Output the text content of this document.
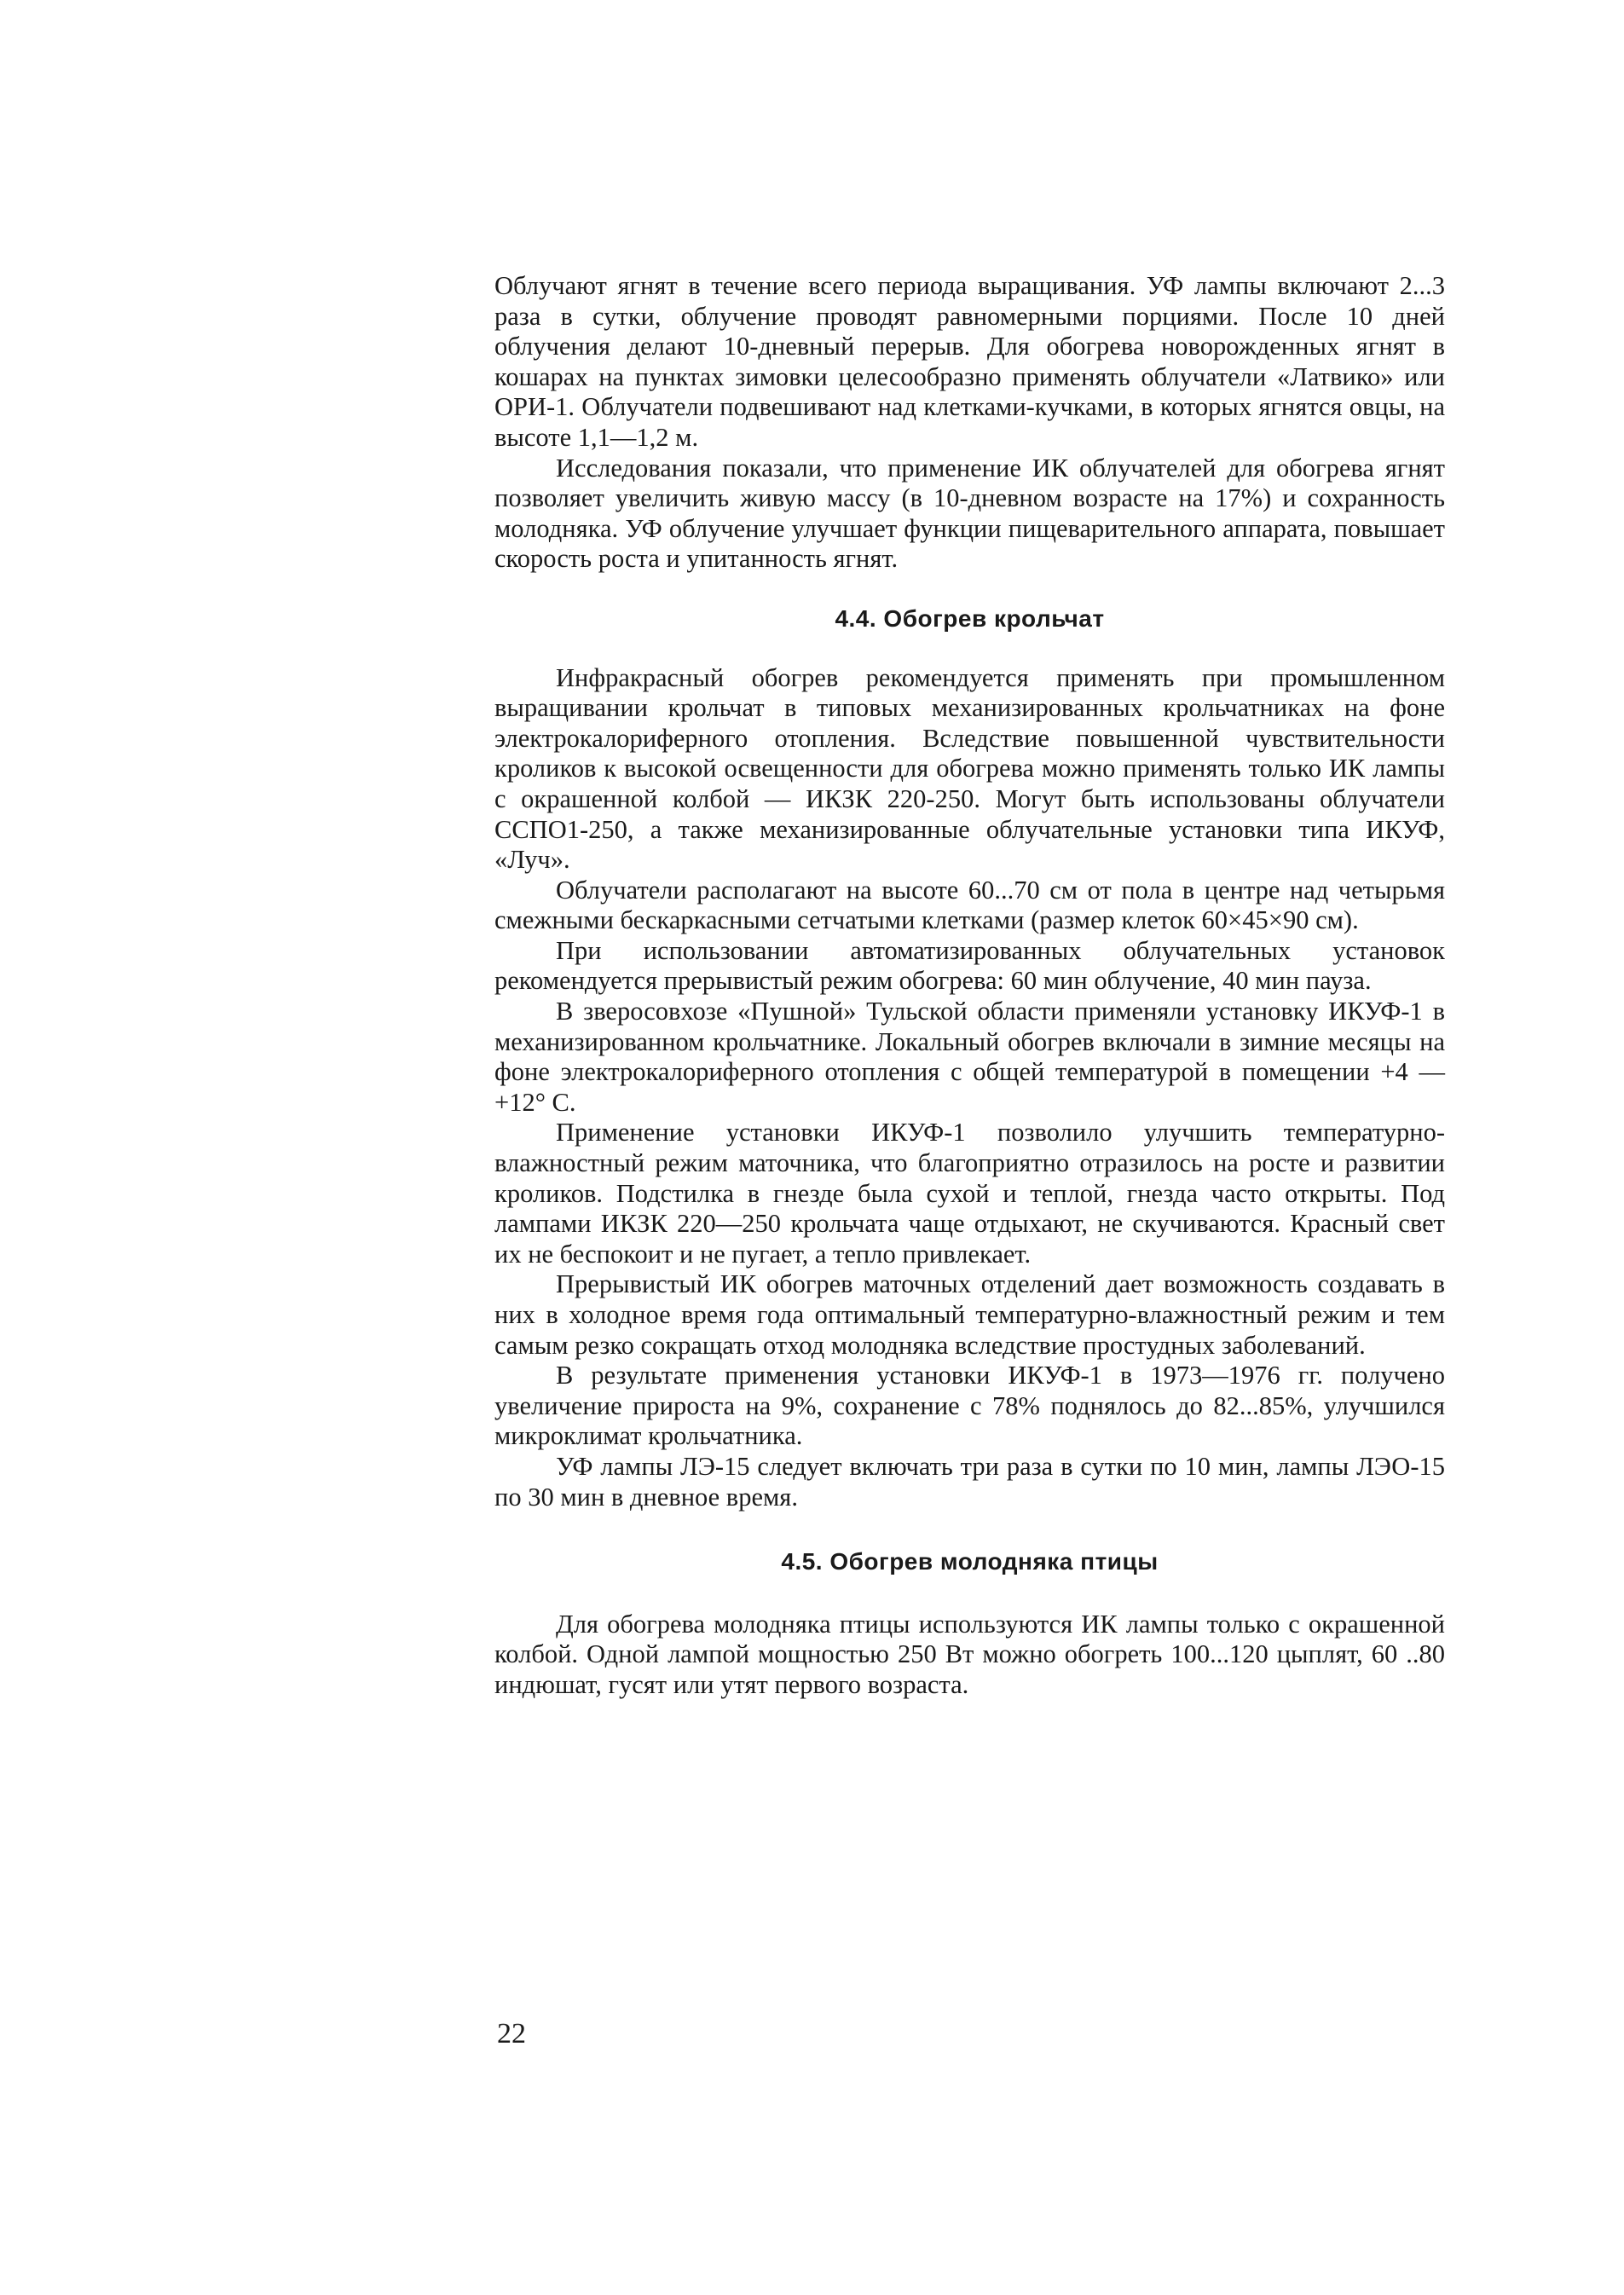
Облучают ягнят в течение всего периода выращивания. УФ лампы включают 2...3 раза в сутки, облучение проводят равномерными порциями. После 10 дней облучения делают 10-дневный перерыв. Для обогрева новорожденных ягнят в кошарах на пунктах зимовки целесообразно применять облучатели «Латвико» или ОРИ-1. Облучатели подвешивают над клетками-кучками, в которых ягнятся овцы, на высоте 1,1—1,2 м.

Исследования показали, что применение ИК облучателей для обогрева ягнят позволяет увеличить живую массу (в 10-дневном возрасте на 17%) и сохранность молодняка. УФ облучение улучшает функции пищеварительного аппарата, повышает скорость роста и упитанность ягнят.

4.4. Обогрев крольчат

Инфракрасный обогрев рекомендуется применять при промышленном выращивании крольчат в типовых механизированных крольчатниках на фоне электрокалориферного отопления. Вследствие повышенной чувствительности кроликов к высокой освещенности для обогрева можно применять только ИК лампы с окрашенной колбой — ИКЗК 220-250. Могут быть использованы облучатели ССПО1-250, а также механизированные облучательные установки типа ИКУФ, «Луч».

Облучатели располагают на высоте 60...70 см от пола в центре над четырьмя смежными бескаркасными сетчатыми клетками (размер клеток 60×45×90 см).

При использовании автоматизированных облучательных установок рекомендуется прерывистый режим обогрева: 60 мин облучение, 40 мин пауза.

В зверосовхозе «Пушной» Тульской области применяли установку ИКУФ-1 в механизированном крольчатнике. Локальный обогрев включали в зимние месяцы на фоне электрокалориферного отопления с общей температурой в помещении +4 — +12° С.

Применение установки ИКУФ-1 позволило улучшить температурно-влажностный режим маточника, что благоприятно отразилось на росте и развитии кроликов. Подстилка в гнезде была сухой и теплой, гнезда часто открыты. Под лампами ИКЗК 220—250 крольчата чаще отдыхают, не скучиваются. Красный свет их не беспокоит и не пугает, а тепло привлекает.

Прерывистый ИК обогрев маточных отделений дает возможность создавать в них в холодное время года оптимальный температурно-влажностный режим и тем самым резко сокращать отход молодняка вследствие простудных заболеваний.

В результате применения установки ИКУФ-1 в 1973—1976 гг. получено увеличение прироста на 9%, сохранение с 78% поднялось до 82...85%, улучшился микроклимат крольчатника.

УФ лампы ЛЭ-15 следует включать три раза в сутки по 10 мин, лампы ЛЭО-15 по 30 мин в дневное время.

4.5. Обогрев молодняка птицы

Для обогрева молодняка птицы используются ИК лампы только с окрашенной колбой. Одной лампой мощностью 250 Вт можно обогреть 100...120 цыплят, 60 ..80 индюшат, гусят или утят первого возраста.

22
